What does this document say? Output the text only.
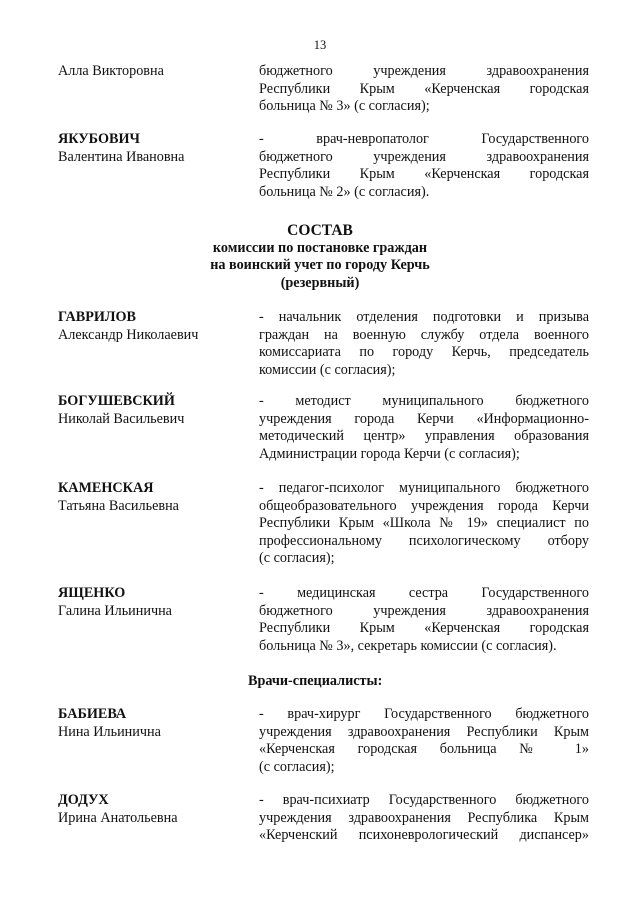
13
Алла Викторовна	бюджетного учреждения здравоохранения
Республики Крым «Керченская городская
больница № 3» (с согласия);
ЯКУБОВИЧ
Валентина Ивановна
- врач-невропатолог Государственного
бюджетного учреждения здравоохранения
Республики Крым «Керченская городская
больница № 2» (с согласия).
СОСТАВ
комиссии по постановке граждан
на воинский учет по городу Керчь
(резервный)
ГАВРИЛОВ
Александр Николаевич
- начальник отделения подготовки и призыва
граждан на военную службу отдела военного
комиссариата по городу Керчь, председатель
комиссии (с согласия);
БОГУШЕВСКИЙ
Николай Васильевич
- методист муниципального бюджетного
учреждения города Керчи «Информационно-
методический центр» управления образования
Администрации города Керчи (с согласия);
КАМЕНСКАЯ
Татьяна Васильевна
- педагог-психолог муниципального бюджетного
общеобразовательного учреждения города Керчи
Республики Крым «Школа № 19» специалист по
профессиональному психологическому отбору
(с согласия);
ЯЩЕНКО
Галина Ильинична
- медицинская сестра Государственного
бюджетного учреждения здравоохранения
Республики Крым «Керченская городская
больница № 3», секретарь комиссии (с согласия).
Врачи-специалисты:
БАБИЕВА
Нина Ильинична
- врач-хирург Государственного бюджетного
учреждения здравоохранения Республики Крым
«Керченская городская больница № 1»
(с согласия);
ДОДУХ
Ирина Анатольевна
- врач-психиатр Государственного бюджетного
учреждения здравоохранения Республика Крым
«Керченский психоневрологический диспансер»
